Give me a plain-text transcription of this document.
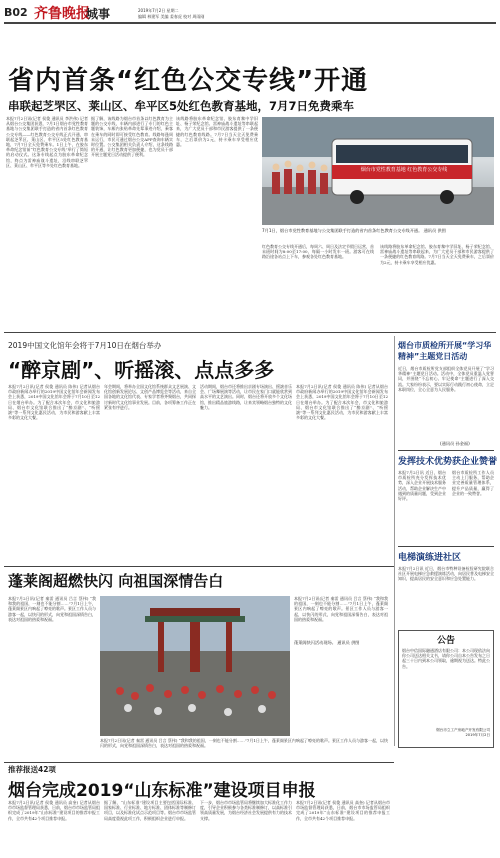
B02 齐鲁晚报
城事	2019年7月2日 星期二
编辑 林建军 美编 姜春虎 校对 周雨刚
省内首条“红色公交专线”开通
串联起芝罘区、莱山区、牟平区5处红色教育基地，7月7日免费乘车
本报7月2日讯(记者 侯俊 通讯员 李洪伟) 记者从烟台公交集团获悉，7月1日烟台市党性教育基地与公交集团联手打造的省内首条红色教育公交专线——红色教育公交专线正式开通，串联起芝罘区、莱山区、牟平区5处红色教育基地，7月7日全天免费乘车。1日上午，在胶东革命纪念馆前“红色教育公交专线”举行了简短的启动仪式。这条专线起点为胶东革命纪念馆，终点为雷神庙战斗遗址，沿线串联芝罘区、莱山区、牟平区等多处红色教育基地。
据了解，该线路为烟台市首条以红色教育为主题的公交专线，车辆内部进行了专门的红色主题装饰，车厢内张贴革命先辈事迹介绍，乘客在乘车的同时即可接受红色教育。线路每逢周末运行，市民可通过烟台公交APP查询车辆实时位置。公交集团相关负责人介绍，这条线路的开通，让红色教育更加便捷，也为党员干部开展主题党日活动提供了便利。
该线路将胶东革命纪念馆、胶东育黎中学旧址、杨子荣纪念馆、雷神庙战斗遗址等串联起来，为广大党员干部和市民游客提供了一条便捷的红色教育线路。7月7日当天全天免费乘车，之后票价为2元，持卡乘车享受相应优惠。
烟台市党性教育基地 红色教育公交专线
7月1日，烟台市党性教育基地与公交集团联手打造的省内首条红色教育公交专线开通。 通讯员 供图
红色教育公交专线开通后，每周六、周日及法定节假日运营，首末班时间为8:00至17:00，每隔一小时发车一班。游客可在线路沿途各站点上下车，参观各处红色教育基地。
该线路将胶东革命纪念馆、胶东育黎中学旧址、杨子荣纪念馆、雷神庙战斗遗址等串联起来，为广大党员干部和市民游客提供了一条便捷的红色教育线路。7月7日当天全天免费乘车，之后票价为2元，持卡乘车享受相应优惠。
2019中国文化馆年会将于7月10日在烟台举办
“醉京剧”、听摇滚、点点多多
本报7月2日讯(记者 侯俊 通讯员 陈伟) 记者从烟台市政府新闻办举行的2019中国文化馆年会新闻发布会上获悉，2019中国文化馆年会将于7月10日至12日在烟台举办。为了配合本次年会，市文化和旅游局、烟台市文化馆联合推出了“醉京剧”、“听摇滚”等一系列文化惠民活动，为市民和游客献上丰富多彩的文化大餐。
年会期间，将举办全国文化馆系统群众文艺展演、文化馆创新发展论坛、文创产品博览会等活动，来自全国各地的文化馆代表、专家学者将齐聚烟台，共同探讨新时代文化馆事业发展。目前，各项筹备工作正在紧张有序进行。
活动期间，烟台市还将推出京剧专场演出、摇滚音乐会、广场舞展演等活动，让市民在家门口就能欣赏到高水平的文艺演出。同时，烟台还将开放多个文化场馆，推出精品旅游线路，让来宾领略烟台独特的文化魅力。
本报7月2日讯(记者 侯俊 通讯员 陈伟) 记者从烟台市政府新闻办举行的2019中国文化馆年会新闻发布会上获悉，2019中国文化馆年会将于7月10日至12日在烟台举办。为了配合本次年会，市文化和旅游局、烟台市文化馆联合推出了“醉京剧”、“听摇滚”等一系列文化惠民活动，为市民和游客献上丰富多彩的文化大餐。
蓬莱阁超燃快闪 向祖国深情告白
本报7月2日讯(记者 秦雷 通讯员 吕言 蔡伟) “我和我的祖国，一刻也不能分割……”7月1日上午，蓬莱阁景区内响起了嘹亮的歌声。景区工作人员与游客一起，以快闪的形式，向党和祖国深情告白，表达对祖国的热爱和祝福。
蓬莱阁快闪活动现场。 通讯员 供图
本报7月2日讯(记者 秦雷 通讯员 吕言 蔡伟) “我和我的祖国，一刻也不能分割……”7月1日上午，蓬莱阁景区内响起了嘹亮的歌声。景区工作人员与游客一起，以快闪的形式，向党和祖国深情告白，表达对祖国的热爱和祝福。
本报7月2日讯(记者 秦雷 通讯员 吕言 蔡伟) “我和我的祖国，一刻也不能分割……”7月1日上午，蓬莱阁景区内响起了嘹亮的歌声。景区工作人员与游客一起，以快闪的形式，向党和祖国深情告白，表达对祖国的热爱和祝福。
烟台市质检所开展“学习华精神”主题党日活动
近日，烟台市质检所党支部组织全体党员开展了“学习华精神”主题党日活动。活动中，全体党员重温入党誓词，并围绕“不忘初心、牢记使命”主题进行了深入交流。大家纷纷表示，要以实际行动践行初心使命，立足本职岗位，全心全意为人民服务。
(通讯员 孙金福)
发挥技术优势 获企业赞誉
本报7月2日讯 近日，烟台市质检所充分发挥技术优势，深入企业开展技术服务活动，帮助企业解决生产中遇到的质量问题，受到企业好评。
烟台市质检所工作人员主动上门服务，帮助企业完善质量管理体系，提升产品质量，赢得了企业的一致赞誉。
电梯演练进社区
本报7月2日讯 近日，烟台市特种设备检验研究院联合社区开展电梯应急救援演练活动，向居民普及电梯安全知识，提高居民的安全意识和应急处置能力。
公告
烟台中信国际融通酒店有限公司：本公司现依法向你公司送达相关文书，请你公司自本公告发布之日起三十日内到本公司领取，逾期视为送达。特此公告。
烟台市立工产房地产开发有限公司
2019年7月2日
推荐报送42项
烟台完成2019“山东标准”建设项目申报
本报7月2日讯(记者 侯俊 通讯员 高奎) 记者从烟台市市场监督管理局获悉，日前，烟台市市场监管局组织完成了2019年“山东标准”建设项目的推荐申报工作，全市共有42个项目推荐申报。
据了解，“山东标准”建设项目主要包括国际标准、国家标准、行业标准、地方标准、团体标准等制修订项目，以及标准化试点示范项目等。烟台市市场监管局高度重视此项工作，积极组织企业进行申报。
下一步，烟台市市场监管局将继续加大标准化工作力度，引导企业积极参与各类标准制修订，以高标准引领高质量发展，为烟台经济社会发展提供有力的技术支撑。
本报7月2日讯(记者 侯俊 通讯员 高奎) 记者从烟台市市场监督管理局获悉，日前，烟台市市场监管局组织完成了2019年“山东标准”建设项目的推荐申报工作，全市共有42个项目推荐申报。
